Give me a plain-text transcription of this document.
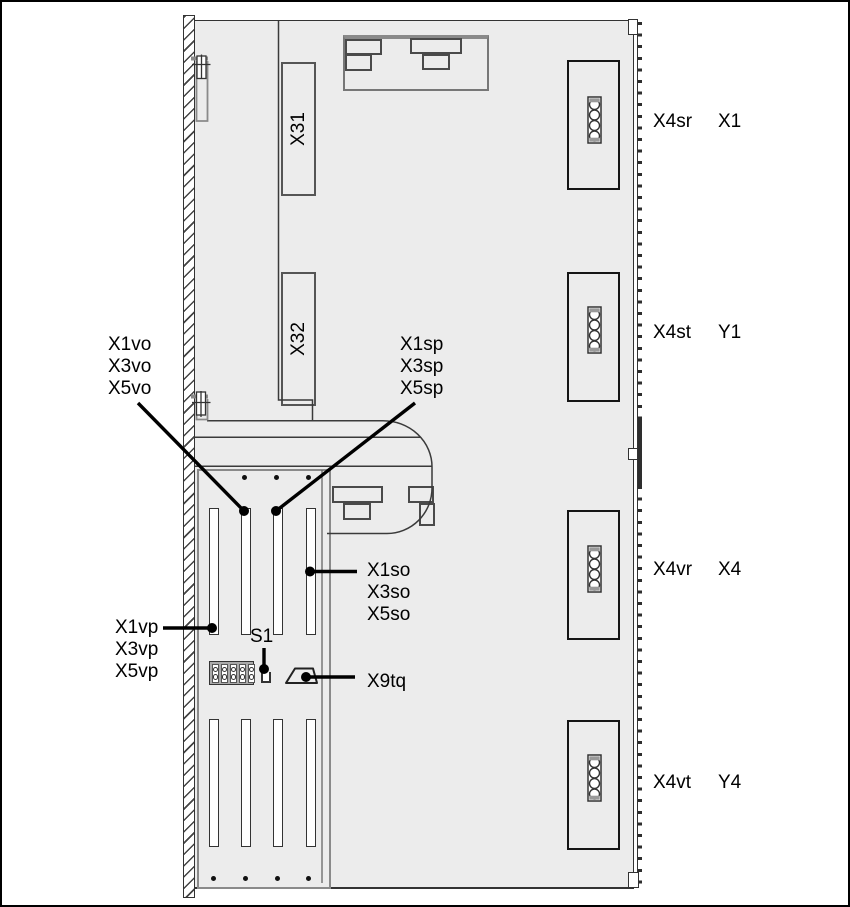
X31
X32
X1vo
X3vo
X5vo
X1sp
X3sp
X5sp
X1so
X3so
X5so
X1vp
X3vp
X5vp
S1
X9tq
X4sr X1
X4st Y1
X4vr X4
X4vt Y4
